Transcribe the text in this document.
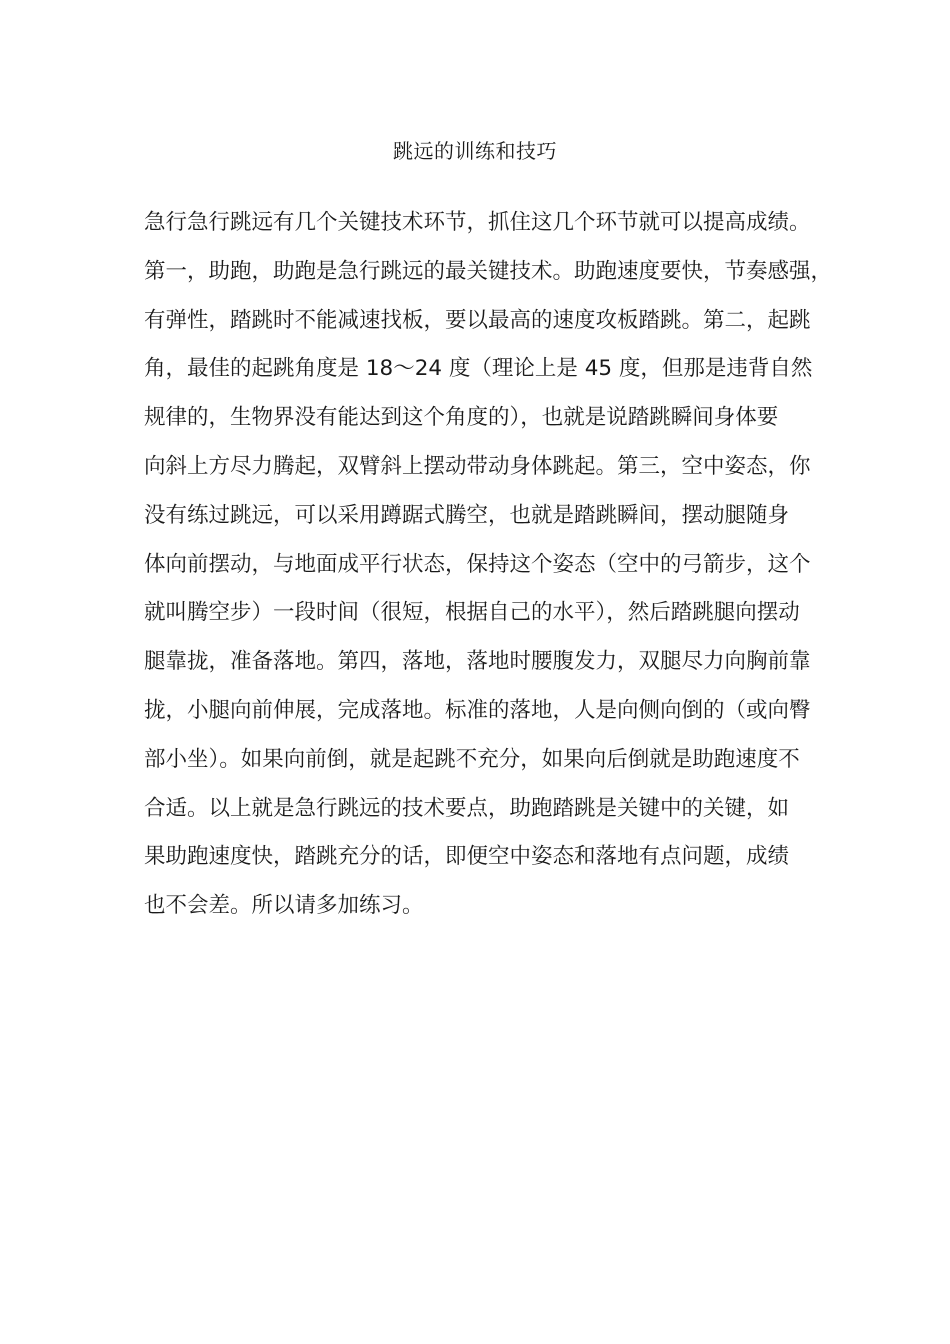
跳远的训练和技巧
急行急行跳远有几个关键技术环节，抓住这几个环节就可以提高成绩。
第一，助跑，助跑是急行跳远的最关键技术。助跑速度要快，节奏感强，
有弹性，踏跳时不能减速找板，要以最高的速度攻板踏跳。第二，起跳
角，最佳的起跳角度是 18～24 度（理论上是 45 度，但那是违背自然
规律的，生物界没有能达到这个角度的），也就是说踏跳瞬间身体要
向斜上方尽力腾起，双臂斜上摆动带动身体跳起。第三，空中姿态，你
没有练过跳远，可以采用蹲踞式腾空，也就是踏跳瞬间，摆动腿随身
体向前摆动，与地面成平行状态，保持这个姿态（空中的弓箭步，这个
就叫腾空步）一段时间（很短，根据自己的水平），然后踏跳腿向摆动
腿靠拢，准备落地。第四，落地，落地时腰腹发力，双腿尽力向胸前靠
拢，小腿向前伸展，完成落地。标准的落地，人是向侧向倒的（或向臀
部小坐）。如果向前倒，就是起跳不充分，如果向后倒就是助跑速度不
合适。以上就是急行跳远的技术要点，助跑踏跳是关键中的关键，如
果助跑速度快，踏跳充分的话，即便空中姿态和落地有点问题，成绩
也不会差。所以请多加练习。
